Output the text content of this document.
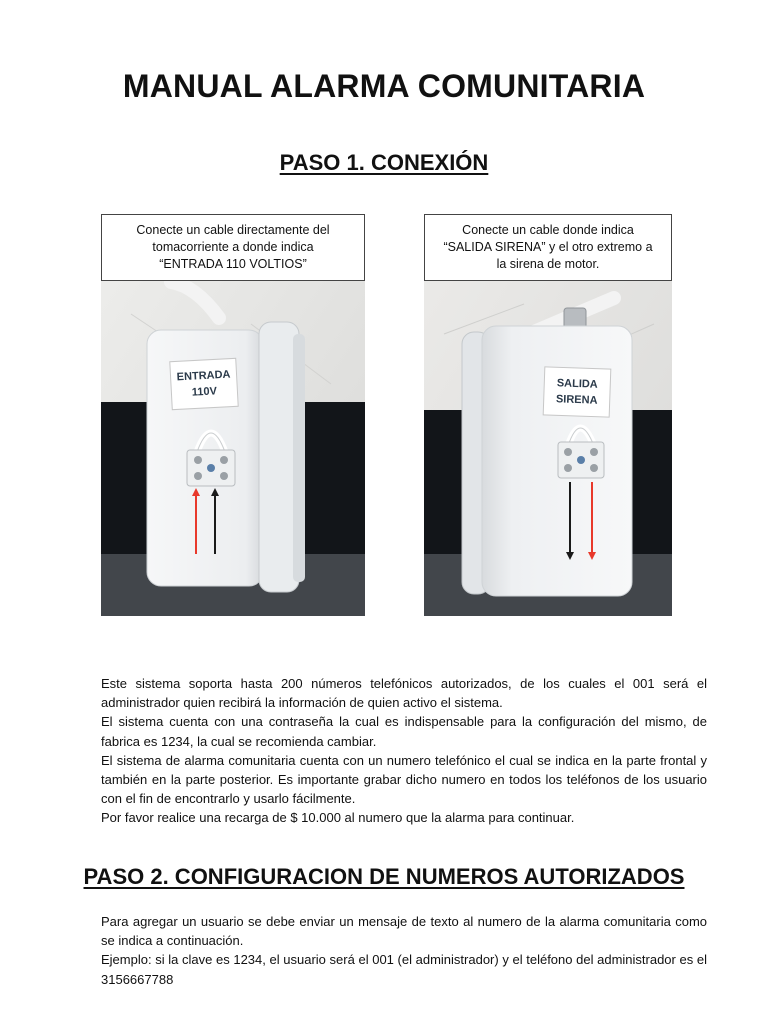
MANUAL ALARMA COMUNITARIA
PASO 1. CONEXIÓN
ENTRADA
110V
Conecte un cable directamente del
tomacorriente a donde indica
“ENTRADA 110 VOLTIOS”
SALIDA
SIRENA
Conecte un cable donde indica
“SALIDA SIRENA” y el otro extremo a
la sirena de motor.

Este sistema soporta hasta 200 números telefónicos autorizados, de los cuales el 001 será el administrador quien recibirá la información de quien activo el sistema.

El sistema cuenta con una contraseña la cual es indispensable para la configuración del mismo, de fabrica es 1234, la cual se recomienda cambiar.

El sistema de alarma comunitaria cuenta con un numero telefónico el cual se indica en la parte frontal y también en la parte posterior. Es importante grabar dicho numero en todos los teléfonos de los usuario con el fin de encontrarlo y usarlo fácilmente.

Por favor realice una recarga de $ 10.000 al numero que la alarma para continuar.

PASO 2. CONFIGURACION DE NUMEROS AUTORIZADOS

Para agregar un usuario se debe enviar un mensaje de texto al numero de la alarma comunitaria como se indica a continuación.

Ejemplo: si la clave es 1234, el usuario será el 001 (el administrador) y el teléfono del administrador es el 3156667788
